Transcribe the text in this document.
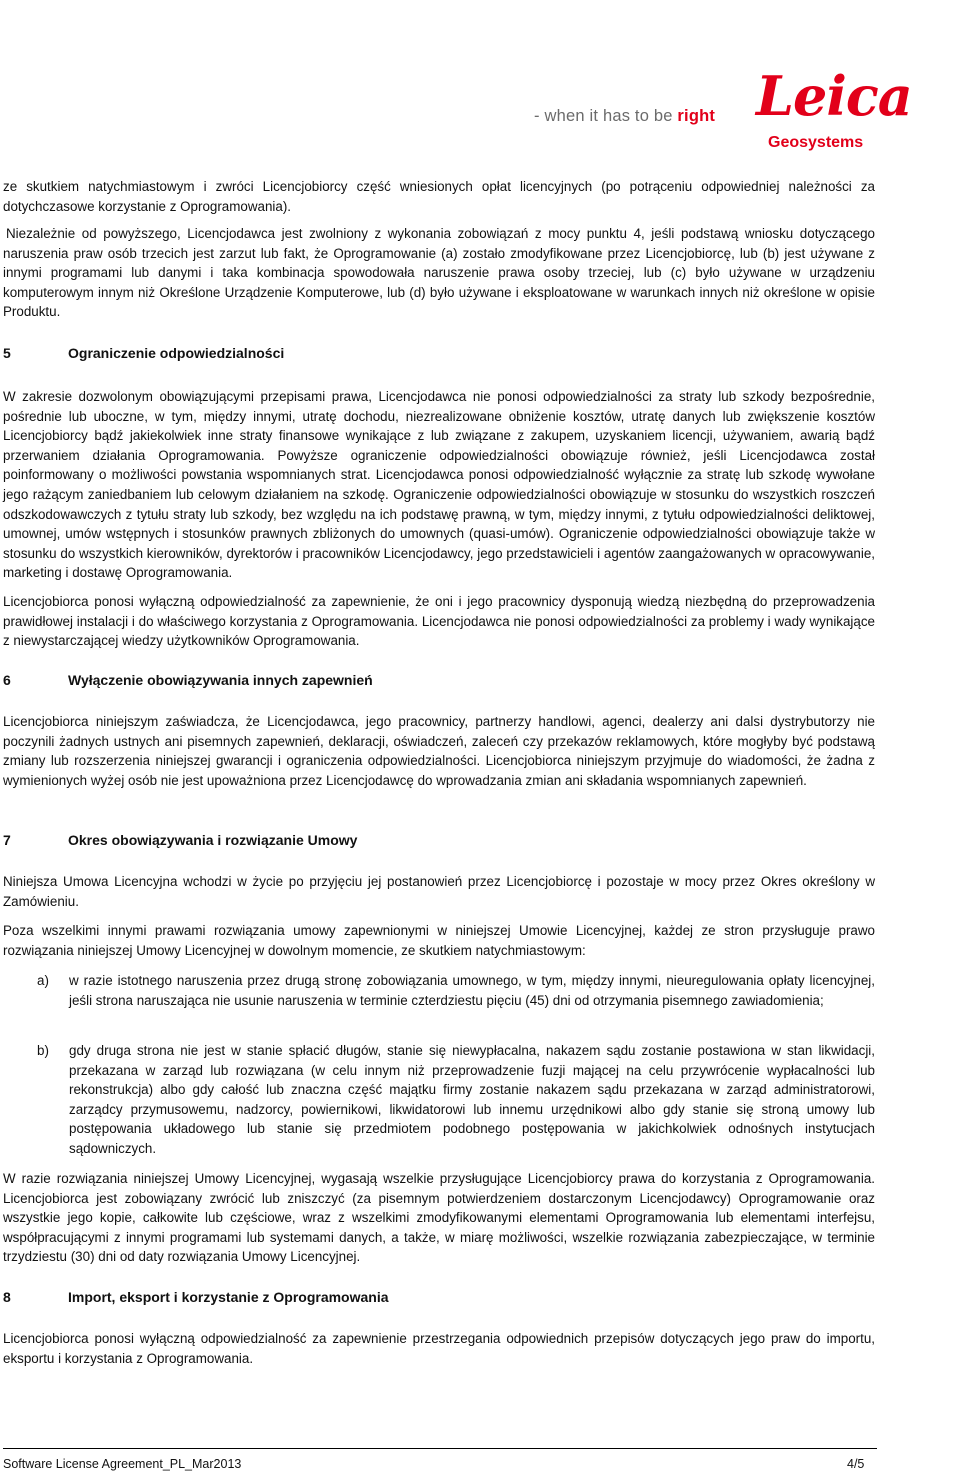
- when it has to be right Leica
Geosystems

ze skutkiem natychmiastowym i zwróci Licencjobiorcy część wniesionych opłat licencyjnych (po potrąceniu odpowiedniej należności za dotychczasowe korzystanie z Oprogramowania).

Niezależnie od powyższego, Licencjodawca jest zwolniony z wykonania zobowiązań z mocy punktu 4, jeśli podstawą wniosku dotyczącego naruszenia praw osób trzecich jest zarzut lub fakt, że Oprogramowanie (a) zostało zmodyfikowane przez Licencjobiorcę, lub (b) jest używane z innymi programami lub danymi i taka kombinacja spowodowała naruszenie prawa osoby trzeciej, lub (c) było używane w urządzeniu komputerowym innym niż Określone Urządzenie Komputerowe, lub (d) było używane i eksploatowane w warunkach innych niż określone w opisie Produktu.

5	Ograniczenie odpowiedzialności

W zakresie dozwolonym obowiązującymi przepisami prawa, Licencjodawca nie ponosi odpowiedzialności za straty lub szkody bezpośrednie, pośrednie lub uboczne, w tym, między innymi, utratę dochodu, niezrealizowane obniżenie kosztów, utratę danych lub zwiększenie kosztów Licencjobiorcy bądź jakiekolwiek inne straty finansowe wynikające z lub związane z zakupem, uzyskaniem licencji, używaniem, awarią bądź przerwaniem działania Oprogramowania. Powyższe ograniczenie odpowiedzialności obowiązuje również, jeśli Licencjodawca został poinformowany o możliwości powstania wspomnianych strat. Licencjodawca ponosi odpowiedzialność wyłącznie za stratę lub szkodę wywołane jego rażącym zaniedbaniem lub celowym działaniem na szkodę. Ograniczenie odpowiedzialności obowiązuje w stosunku do wszystkich roszczeń odszkodowawczych z tytułu straty lub szkody, bez względu na ich podstawę prawną, w tym, między innymi, z tytułu odpowiedzialności deliktowej, umownej, umów wstępnych i stosunków prawnych zbliżonych do umownych (quasi-umów). Ograniczenie odpowiedzialności obowiązuje także w stosunku do wszystkich kierowników, dyrektorów i pracowników Licencjodawcy, jego przedstawicieli i agentów zaangażowanych w opracowywanie, marketing i dostawę Oprogramowania.

Licencjobiorca ponosi wyłączną odpowiedzialność za zapewnienie, że oni i jego pracownicy dysponują wiedzą niezbędną do przeprowadzenia prawidłowej instalacji i do właściwego korzystania z Oprogramowania. Licencjodawca nie ponosi odpowiedzialności za problemy i wady wynikające z niewystarczającej wiedzy użytkowników Oprogramowania.

6	Wyłączenie obowiązywania innych zapewnień

Licencjobiorca niniejszym zaświadcza, że Licencjodawca, jego pracownicy, partnerzy handlowi, agenci, dealerzy ani dalsi dystrybutorzy nie poczynili żadnych ustnych ani pisemnych zapewnień, deklaracji, oświadczeń, zaleceń czy przekazów reklamowych, które mogłyby być podstawą zmiany lub rozszerzenia niniejszej gwarancji i ograniczenia odpowiedzialności. Licencjobiorca niniejszym przyjmuje do wiadomości, że żadna z wymienionych wyżej osób nie jest upoważniona przez Licencjodawcę do wprowadzania zmian ani składania wspomnianych zapewnień.

7	Okres obowiązywania i rozwiązanie Umowy

Niniejsza Umowa Licencyjna wchodzi w życie po przyjęciu jej postanowień przez Licencjobiorcę i pozostaje w mocy przez Okres określony w Zamówieniu.

Poza wszelkimi innymi prawami rozwiązania umowy zapewnionymi w niniejszej Umowie Licencyjnej, każdej ze stron przysługuje prawo rozwiązania niniejszej Umowy Licencyjnej w dowolnym momencie, ze skutkiem natychmiastowym:

a) w razie istotnego naruszenia przez drugą stronę zobowiązania umownego, w tym, między innymi, nieuregulowania opłaty licencyjnej, jeśli strona naruszająca nie usunie naruszenia w terminie czterdziestu pięciu (45) dni od otrzymania pisemnego zawiadomienia;
b) gdy druga strona nie jest w stanie spłacić długów, stanie się niewypłacalna, nakazem sądu zostanie postawiona w stan likwidacji, przekazana w zarząd lub rozwiązana (w celu innym niż przeprowadzenie fuzji mającej na celu przywrócenie wypłacalności lub rekonstrukcja) albo gdy całość lub znaczna część majątku firmy zostanie nakazem sądu przekazana w zarząd administratorowi, zarządcy przymusowemu, nadzorcy, powiernikowi, likwidatorowi lub innemu urzędnikowi albo gdy stanie się stroną umowy lub postępowania układowego lub stanie się przedmiotem podobnego postępowania w jakichkolwiek odnośnych instytucjach sądowniczych.

W razie rozwiązania niniejszej Umowy Licencyjnej, wygasają wszelkie przysługujące Licencjobiorcy prawa do korzystania z Oprogramowania. Licencjobiorca jest zobowiązany zwrócić lub zniszczyć (za pisemnym potwierdzeniem dostarczonym Licencjodawcy) Oprogramowanie oraz wszystkie jego kopie, całkowite lub częściowe, wraz z wszelkimi zmodyfikowanymi elementami Oprogramowania lub elementami interfejsu, współpracującymi z innymi programami lub systemami danych, a także, w miarę możliwości, wszelkie rozwiązania zabezpieczające, w terminie trzydziestu (30) dni od daty rozwiązania Umowy Licencyjnej.

8	Import, eksport i korzystanie z Oprogramowania

Licencjobiorca ponosi wyłączną odpowiedzialność za zapewnienie przestrzegania odpowiednich przepisów dotyczących jego praw do importu, eksportu i korzystania z Oprogramowania.

Software License Agreement_PL_Mar2013	4/5
